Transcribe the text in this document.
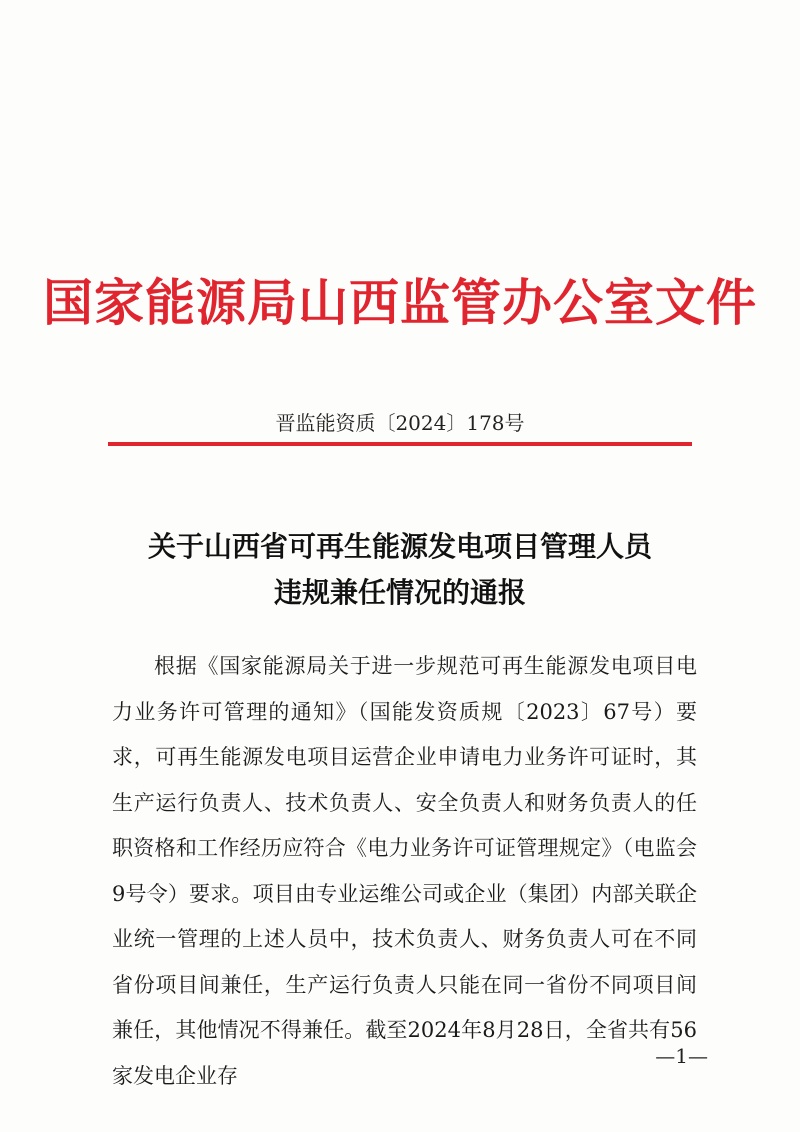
国家能源局山西监管办公室文件
晋监能资质〔2024〕178号
关于山西省可再生能源发电项目管理人员
违规兼任情况的通报

根据《国家能源局关于进一步规范可再生能源发电项目电力业务许可管理的通知》（国能发资质规〔2023〕67号）要求，可再生能源发电项目运营企业申请电力业务许可证时，其生产运行负责人、技术负责人、安全负责人和财务负责人的任职资格和工作经历应符合《电力业务许可证管理规定》（电监会9号令）要求。项目由专业运维公司或企业（集团）内部关联企业统一管理的上述人员中，技术负责人、财务负责人可在不同省份项目间兼任，生产运行负责人只能在同一省份不同项目间兼任，其他情况不得兼任。截至2024年8月28日，全省共有56家发电企业存

—1—
